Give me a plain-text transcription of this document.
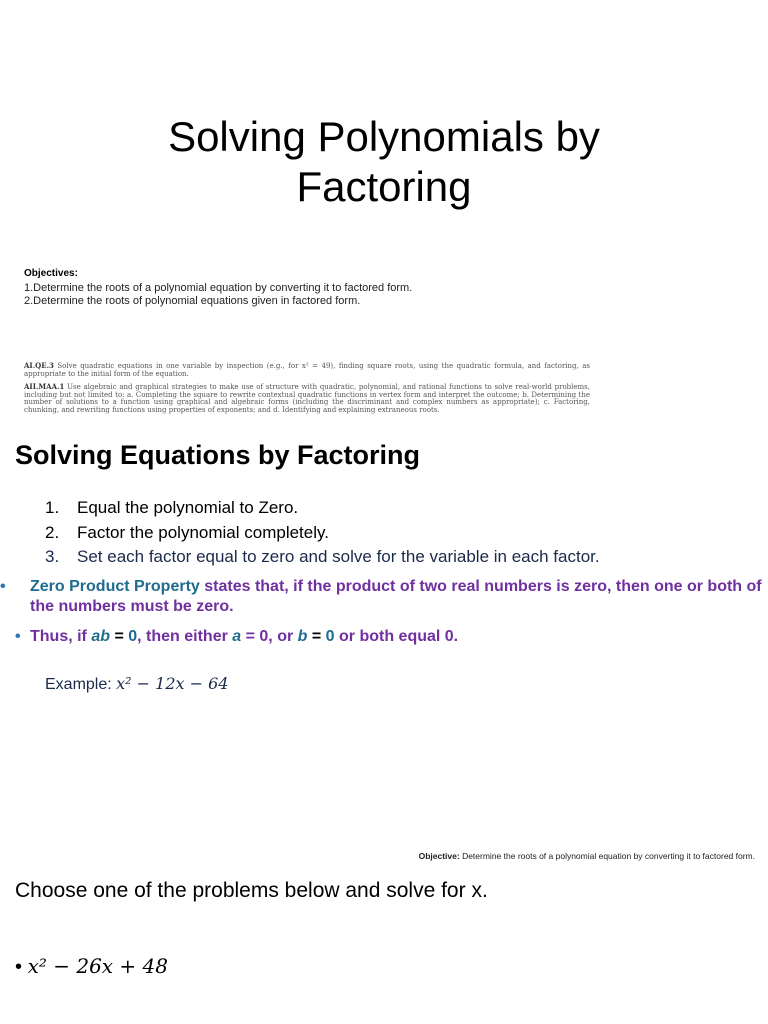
Solving Polynomials by
Factoring
Objectives:
1.Determine the roots of a polynomial equation by converting it to factored form.
2.Determine the roots of polynomial equations given in factored form.
AI.QE.3 Solve quadratic equations in one variable by inspection (e.g., for x² = 49), finding square roots, using the quadratic formula, and factoring, as appropriate to the initial form of the equation.
AII.MAA.1 Use algebraic and graphical strategies to make use of structure with quadratic, polynomial, and rational functions to solve real-world problems, including but not limited to: a. Completing the square to rewrite contextual quadratic functions in vertex form and interpret the outcome; b. Determining the number of solutions to a function using graphical and algebraic forms (including the discriminant and complex numbers as appropriate); c. Factoring, chunking, and rewriting functions using properties of exponents; and d. Identifying and explaining extraneous roots.
Solving Equations by Factoring
1. Equal the polynomial to Zero.
2. Factor the polynomial completely.
3. Set each factor equal to zero and solve for the variable in each factor.
• Zero Product Property states that, if the product of two real numbers is zero, then one or both of the numbers must be zero.
• Thus, if ab = 0, then either a = 0, or b = 0 or both equal 0.
Example: x² − 12x − 64
Objective: Determine the roots of a polynomial equation by converting it to factored form.
Choose one of the problems below and solve for x.
• x² − 26x + 48
